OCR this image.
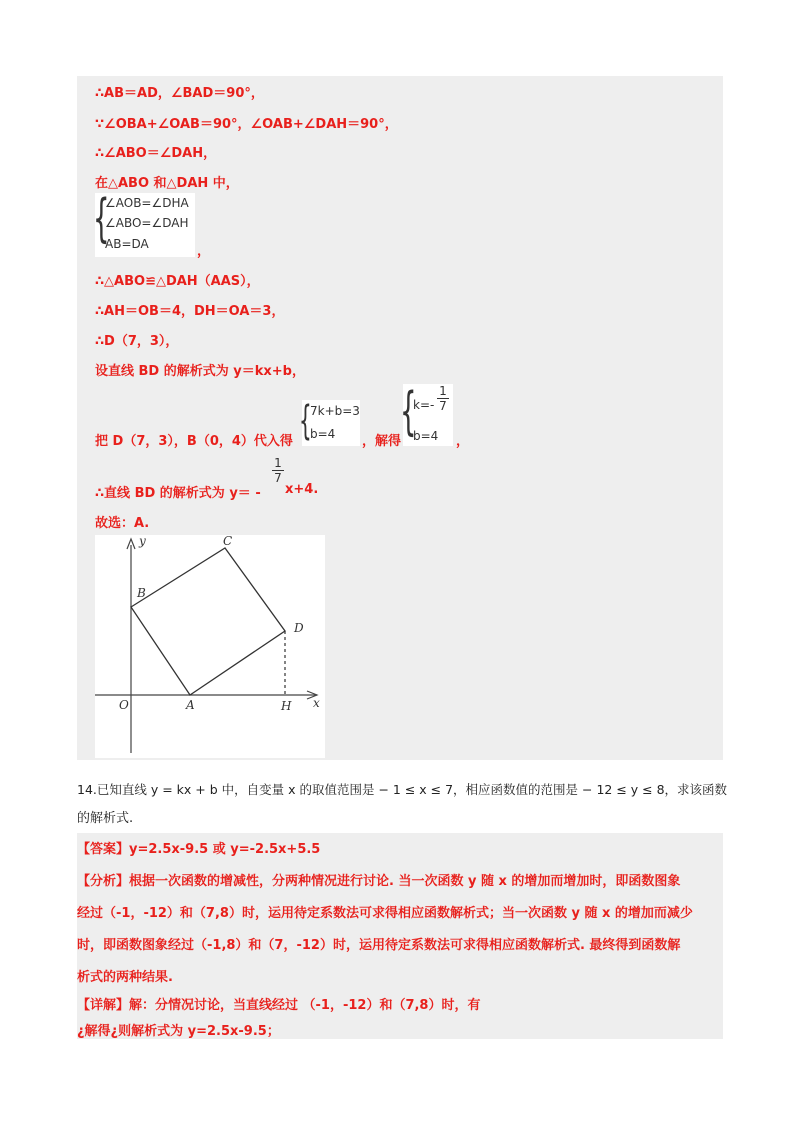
∴AB＝AD，∠BAD＝90°，
∵∠OBA+∠OAB＝90°，∠OAB+∠DAH＝90°，
∴∠ABO＝∠DAH，
在△ABO 和△DAH 中，
{
∠AOB=∠DHA
∠ABO=∠DAH
AB=DA	，
∴△ABO≌△DAH（AAS），
∴AH＝OB＝4，DH＝OA＝3，
∴D（7，3），
设直线 BD 的解析式为 y＝kx+b，
把 D（7，3），B（0，4）代入得 {
7k+b=3
b=4 ，解得
{
$k=- \frac{1}{7}$
b=4 ，
∴直线 BD 的解析式为 y＝ -
$\frac{1}{7}$
x+4.
故选：A.
y	C
B
D
O	A	H x
14.已知直线 y = kx + b 中，自变量 x 的取值范围是 − 1 ≤ x ≤ 7，相应函数值的范围是 − 12 ≤ y ≤ 8，求该函数
的解析式.
【答案】y=2.5x-9.5 或 y=-2.5x+5.5
【分析】根据一次函数的增减性，分两种情况进行讨论. 当一次函数 y 随 x 的增加而增加时，即函数图象
经过（-1，-12）和（7,8）时，运用待定系数法可求得相应函数解析式；当一次函数 y 随 x 的增加而减少
时，即函数图象经过（-1,8）和（7，-12）时，运用待定系数法可求得相应函数解析式. 最终得到函数解
析式的两种结果.
【详解】解：分情况讨论，当直线经过 （-1，-12）和（7,8）时，有
¿解得¿则解析式为 y=2.5x-9.5；
